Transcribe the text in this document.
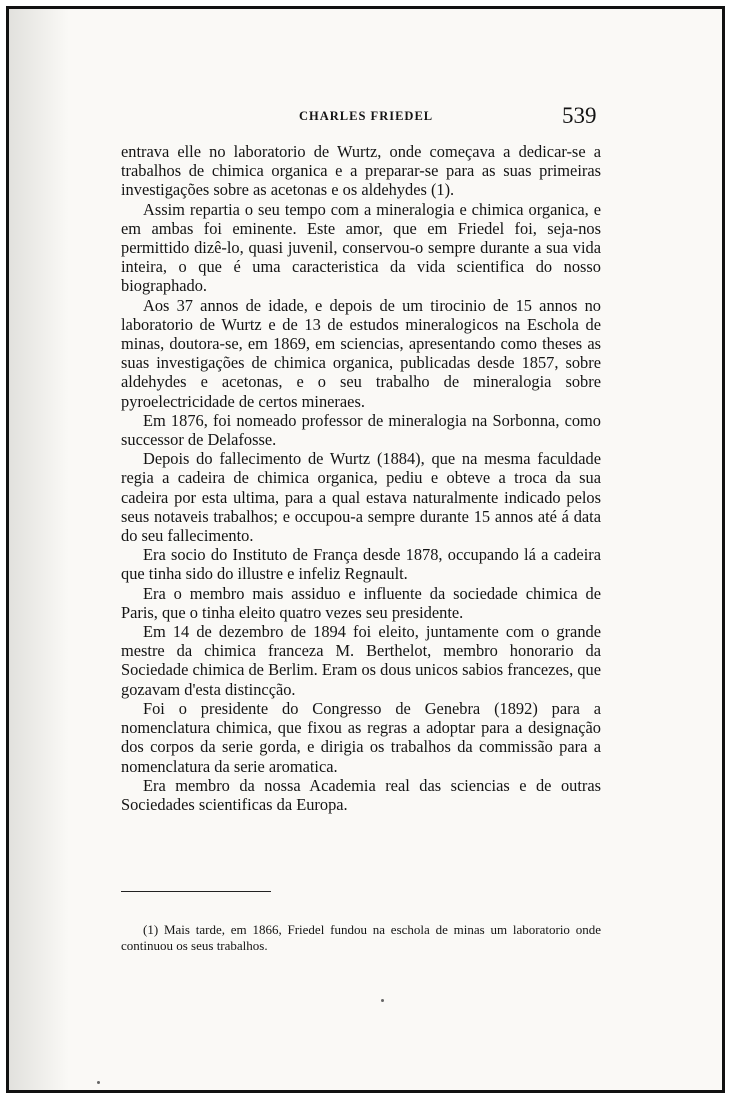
CHARLES FRIEDEL	539

entrava elle no laboratorio de Wurtz, onde começava a dedicar-se a trabalhos de chimica organica e a preparar-se para as suas primeiras investigações sobre as acetonas e os aldehydes (1).

Assim repartia o seu tempo com a mineralogia e chimica organica, e em ambas foi eminente. Este amor, que em Friedel foi, seja-nos permittido dizê-lo, quasi juvenil, conservou-o sempre durante a sua vida inteira, o que é uma caracteristica da vida scientifica do nosso biographado.

Aos 37 annos de idade, e depois de um tirocinio de 15 annos no laboratorio de Wurtz e de 13 de estudos mineralogicos na Eschola de minas, doutora-se, em 1869, em sciencias, apresentando como theses as suas investigações de chimica organica, publicadas desde 1857, sobre aldehydes e acetonas, e o seu trabalho de mineralogia sobre pyroelectricidade de certos mineraes.

Em 1876, foi nomeado professor de mineralogia na Sorbonna, como successor de Delafosse.

Depois do fallecimento de Wurtz (1884), que na mesma faculdade regia a cadeira de chimica organica, pediu e obteve a troca da sua cadeira por esta ultima, para a qual estava naturalmente indicado pelos seus notaveis trabalhos; e occupou-a sempre durante 15 annos até á data do seu fallecimento.

Era socio do Instituto de França desde 1878, occupando lá a cadeira que tinha sido do illustre e infeliz Regnault.

Era o membro mais assiduo e influente da sociedade chimica de Paris, que o tinha eleito quatro vezes seu presidente.

Em 14 de dezembro de 1894 foi eleito, juntamente com o grande mestre da chimica franceza M. Berthelot, membro honorario da Sociedade chimica de Berlim. Eram os dous unicos sabios francezes, que gozavam d'esta distincção.

Foi o presidente do Congresso de Genebra (1892) para a nomenclatura chimica, que fixou as regras a adoptar para a designação dos corpos da serie gorda, e dirigia os trabalhos da commissão para a nomenclatura da serie aromatica.

Era membro da nossa Academia real das sciencias e de outras Sociedades scientificas da Europa.

(1) Mais tarde, em 1866, Friedel fundou na eschola de minas um laboratorio onde continuou os seus trabalhos.
